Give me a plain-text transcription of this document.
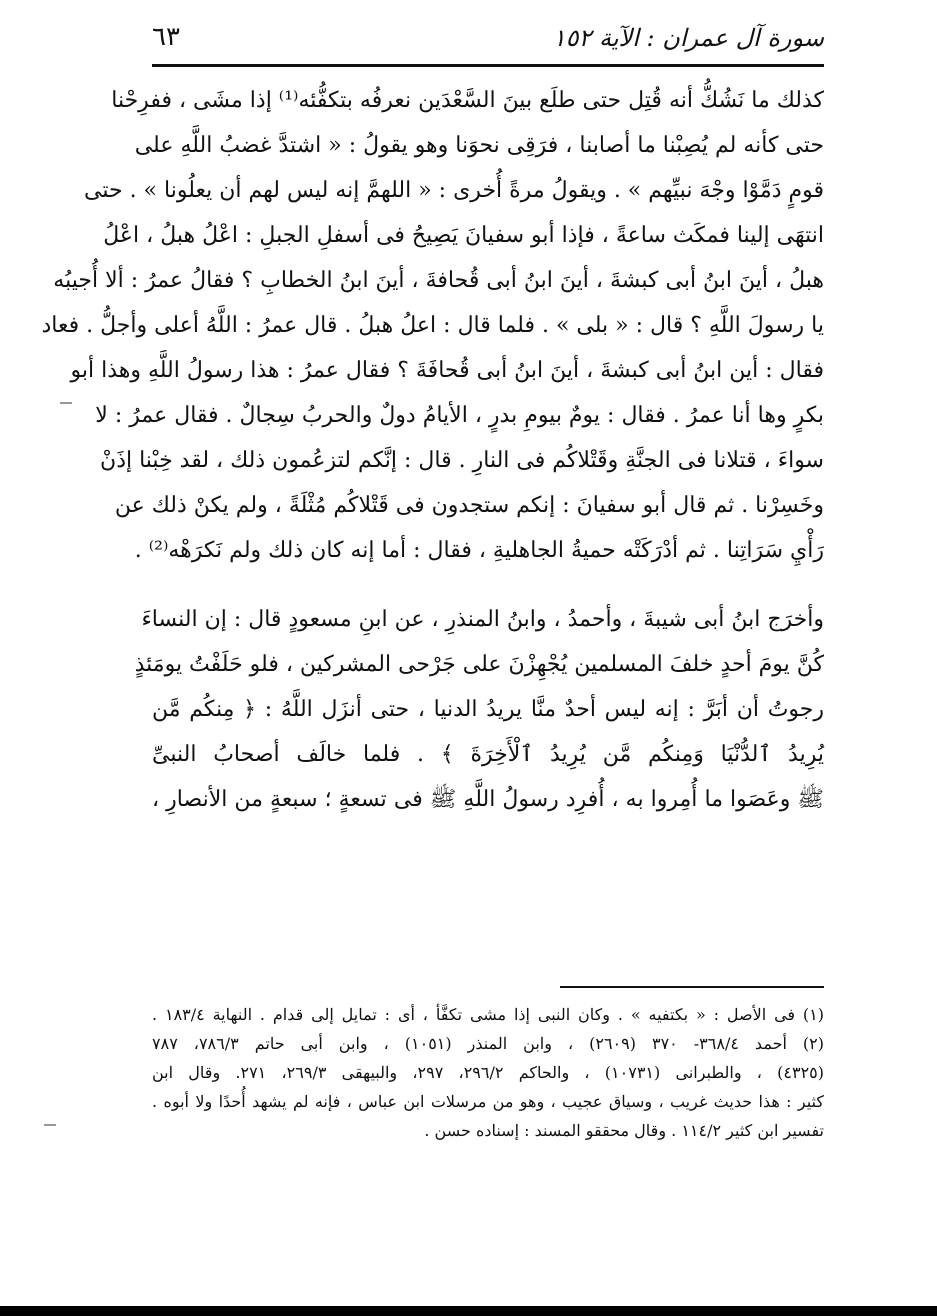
سورة آل عمران : الآية ١٥٢
٦٣
كذلك ما نَشُكُّ أنه قُتِل حتى طلَع بينَ السَّعْدَين نعرفُه بتكفُّئه⁽¹⁾ إذا مشَى ، ففرِحْنا
حتى كأنه لم يُصِبْنا ما أصابنا ، فرَقِى نحوَنا وهو يقولُ : « اشتدَّ غضبُ اللَّهِ على
قومٍ دَمَّوْا وجْهَ نبيِّهم » . ويقولُ مرةً أُخرى : « اللهمَّ إنه ليس لهم أن يعلُونا » . حتى
انتهَى إلينا فمكَث ساعةً ، فإذا أبو سفيانَ يَصِيحُ فى أسفلِ الجبلِ : اعْلُ هبلُ ، اعْلُ
هبلُ ، أينَ ابنُ أبى كبشةَ ، أينَ ابنُ أبى قُحافةَ ، أينَ ابنُ الخطابِ ؟ فقالُ عمرُ : ألا أُجيبُه
يا رسولَ اللَّهِ ؟ قال : « بلى » . فلما قال : اعلُ هبلُ . قال عمرُ : اللَّهُ أعلى وأجلُّ . فعاد
فقال : أين ابنُ أبى كبشةَ ، أينَ ابنُ أبى قُحافَةَ ؟ فقال عمرُ : هذا رسولُ اللَّهِ وهذا أبو
بكرٍ وها أنا عمرُ . فقال : يومٌ بيومِ بدرٍ ، الأيامُ دولٌ والحربُ سِجالٌ . فقال عمرُ : لا
سواءَ ، قتلانا فى الجنَّةِ وقَتْلاكُم فى النارِ . قال : إنَّكم لتزعُمون ذلك ، لقد خِبْنا إذَنْ
وخَسِرْنا . ثم قال أبو سفيانَ : إنكم ستجدون فى قَتْلاكُم مُثْلَةً ، ولم يكنْ ذلك عن
رَأْيِ سَرَاتِنا . ثم أدْرَكَتْه حميةُ الجاهليةِ ، فقال : أما إنه كان ذلك ولم نَكرَهْه⁽²⁾ .
وأخرَج ابنُ أبى شيبةَ ، وأحمدُ ، وابنُ المنذرِ ، عن ابنِ مسعودٍ قال : إن النساءَ
كُنَّ يومَ أحدٍ خلفَ المسلمين يُجْهِزْنَ على جَرْحى المشركين ، فلو حَلَفْتُ يومَئذٍ
رجوتُ أن أبَرَّ : إنه ليس أحدٌ منَّا يريدُ الدنيا ، حتى أنزَل اللَّهُ : ﴿ مِنكُم مَّن
يُرِيدُ ٱلدُّنْيَا وَمِنكُم مَّن يُرِيدُ ٱلْأَخِرَةَ ﴾ . فلما خالَف أصحابُ النبىِّ
ﷺ وعَصَوا ما أُمِروا به ، أُفرِد رسولُ اللَّهِ ﷺ فى تسعةٍ ؛ سبعةٍ من الأنصارِ ،
(١) فى الأصل : « بكتفيه » . وكان النبى إذا مشى تكفَّأ ، أى : تمايل إلى قدام . النهاية ١٨٣/٤ .
(٢) أحمد ٣٦٨/٤- ٣٧٠ (٢٦٠٩) ، وابن المنذر (١٠٥١) ، وابن أبى حاتم ٧٨٦/٣، ٧٨٧
(٤٣٢٥) ، والطبرانى (١٠٧٣١) ، والحاكم ٢٩٦/٢، ٢٩٧، والبيهقى ٢٦٩/٣، ٢٧١. وقال ابن
كثير : هذا حديث غريب ، وسياق عجيب ، وهو من مرسلات ابن عباس ، فإنه لم يشهد أُحدًا ولا أبوه .
تفسير ابن كثير ١١٤/٢ . وقال محققو المسند : إسناده حسن .
